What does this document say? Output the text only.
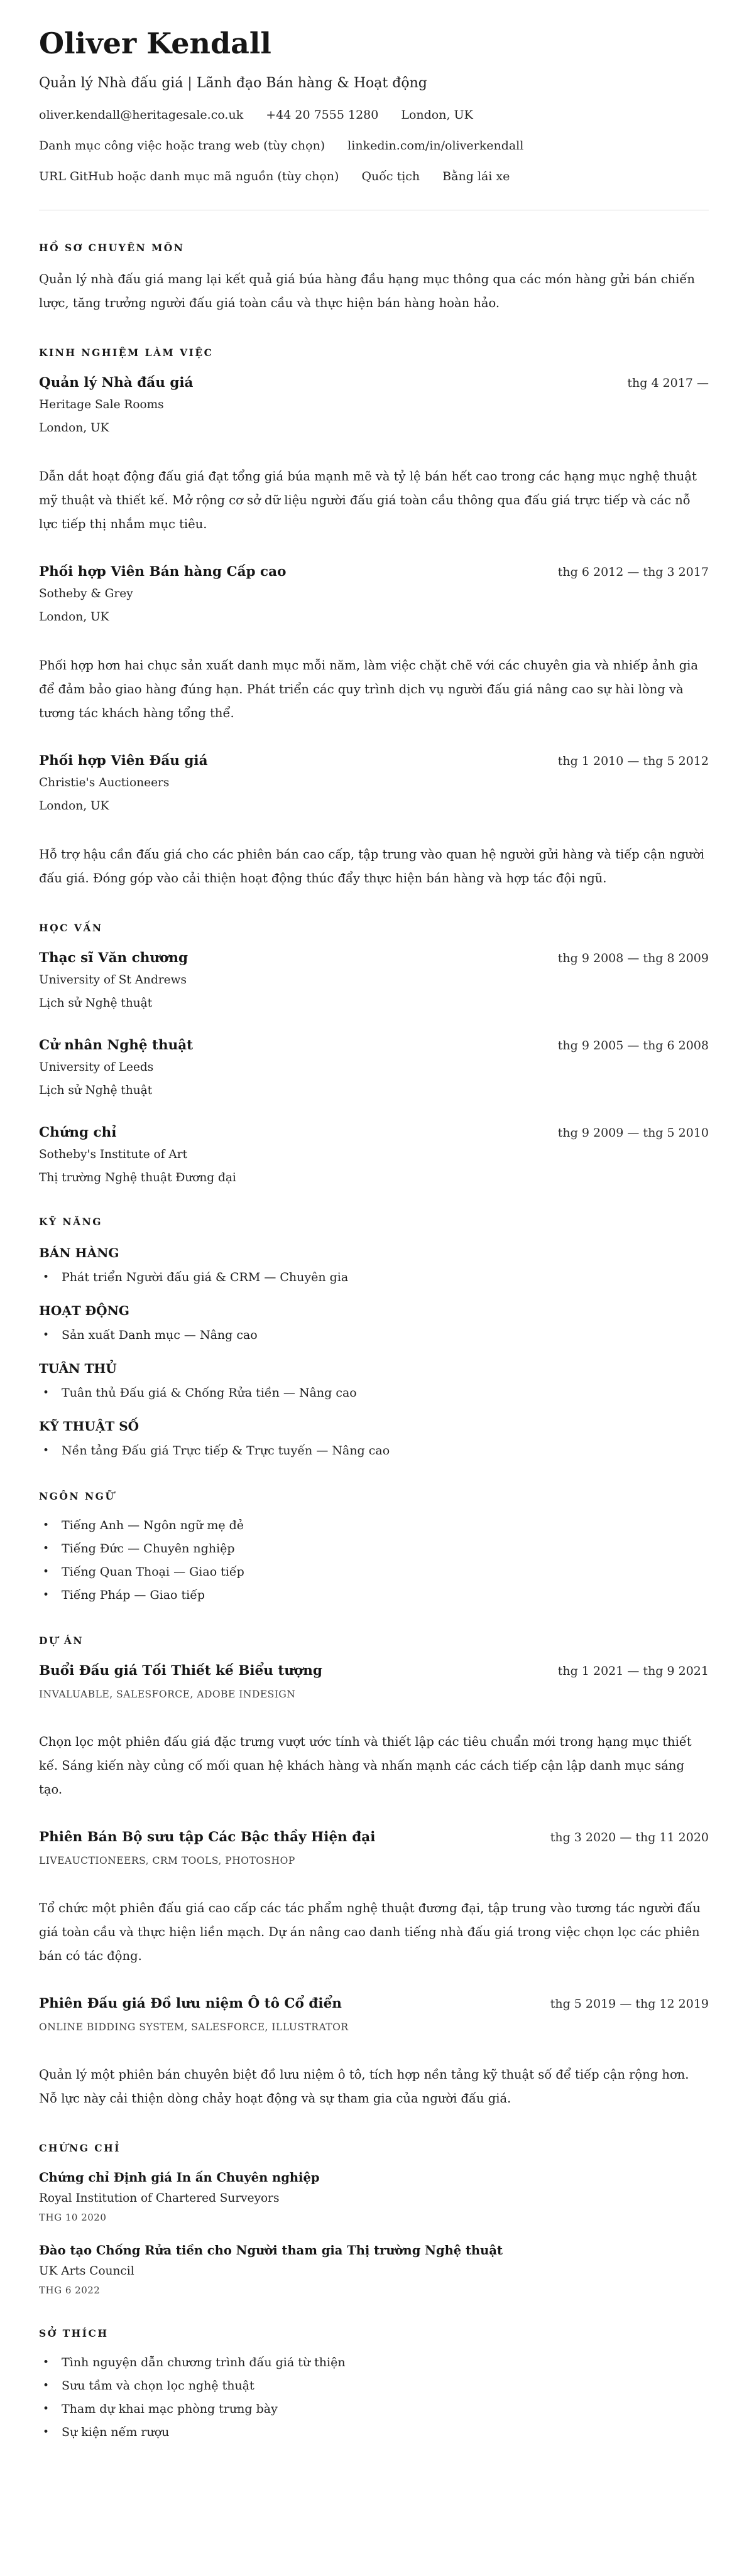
Oliver Kendall
Quản lý Nhà đấu giá | Lãnh đạo Bán hàng & Hoạt động
oliver.kendall@heritagesale.co.uk +44 20 7555 1280 London, UK
Danh mục công việc hoặc trang web (tùy chọn) linkedin.com/in/oliverkendall
URL GitHub hoặc danh mục mã nguồn (tùy chọn) Quốc tịch Bằng lái xe
HỒ SƠ CHUYÊN MÔN

Quản lý nhà đấu giá mang lại kết quả giá búa hàng đầu hạng mục thông qua các món hàng gửi bán chiến lược, tăng trưởng người đấu giá toàn cầu và thực hiện bán hàng hoàn hảo.

KINH NGHIỆM LÀM VIỆC
Quản lý Nhà đấu giá	thg 4 2017 —
Heritage Sale Rooms
London, UK

Dẫn dắt hoạt động đấu giá đạt tổng giá búa mạnh mẽ và tỷ lệ bán hết cao trong các hạng mục nghệ thuật mỹ thuật và thiết kế. Mở rộng cơ sở dữ liệu người đấu giá toàn cầu thông qua đấu giá trực tiếp và các nỗ lực tiếp thị nhắm mục tiêu.

Phối hợp Viên Bán hàng Cấp cao	thg 6 2012 — thg 3 2017
Sotheby & Grey
London, UK

Phối hợp hơn hai chục sản xuất danh mục mỗi năm, làm việc chặt chẽ với các chuyên gia và nhiếp ảnh gia để đảm bảo giao hàng đúng hạn. Phát triển các quy trình dịch vụ người đấu giá nâng cao sự hài lòng và tương tác khách hàng tổng thể.

Phối hợp Viên Đấu giá	thg 1 2010 — thg 5 2012
Christie's Auctioneers
London, UK

Hỗ trợ hậu cần đấu giá cho các phiên bán cao cấp, tập trung vào quan hệ người gửi hàng và tiếp cận người đấu giá. Đóng góp vào cải thiện hoạt động thúc đẩy thực hiện bán hàng và hợp tác đội ngũ.

HỌC VẤN
Thạc sĩ Văn chương	thg 9 2008 — thg 8 2009
University of St Andrews
Lịch sử Nghệ thuật
Cử nhân Nghệ thuật	thg 9 2005 — thg 6 2008
University of Leeds
Lịch sử Nghệ thuật
Chứng chỉ	thg 9 2009 — thg 5 2010
Sotheby's Institute of Art
Thị trường Nghệ thuật Đương đại
KỸ NĂNG
BÁN HÀNG
• Phát triển Người đấu giá & CRM — Chuyên gia
HOẠT ĐỘNG
• Sản xuất Danh mục — Nâng cao
TUÂN THỦ
• Tuân thủ Đấu giá & Chống Rửa tiền — Nâng cao
KỸ THUẬT SỐ
• Nền tảng Đấu giá Trực tiếp & Trực tuyến — Nâng cao
NGÔN NGỮ
• Tiếng Anh — Ngôn ngữ mẹ đẻ
• Tiếng Đức — Chuyên nghiệp
• Tiếng Quan Thoại — Giao tiếp
• Tiếng Pháp — Giao tiếp
DỰ ÁN
Buổi Đấu giá Tối Thiết kế Biểu tượng	thg 1 2021 — thg 9 2021
INVALUABLE, SALESFORCE, ADOBE INDESIGN

Chọn lọc một phiên đấu giá đặc trưng vượt ước tính và thiết lập các tiêu chuẩn mới trong hạng mục thiết kế. Sáng kiến này củng cố mối quan hệ khách hàng và nhấn mạnh các cách tiếp cận lập danh mục sáng tạo.

Phiên Bán Bộ sưu tập Các Bậc thầy Hiện đại	thg 3 2020 — thg 11 2020
LIVEAUCTIONEERS, CRM TOOLS, PHOTOSHOP

Tổ chức một phiên đấu giá cao cấp các tác phẩm nghệ thuật đương đại, tập trung vào tương tác người đấu giá toàn cầu và thực hiện liền mạch. Dự án nâng cao danh tiếng nhà đấu giá trong việc chọn lọc các phiên bán có tác động.

Phiên Đấu giá Đồ lưu niệm Ô tô Cổ điển	thg 5 2019 — thg 12 2019
ONLINE BIDDING SYSTEM, SALESFORCE, ILLUSTRATOR

Quản lý một phiên bán chuyên biệt đồ lưu niệm ô tô, tích hợp nền tảng kỹ thuật số để tiếp cận rộng hơn. Nỗ lực này cải thiện dòng chảy hoạt động và sự tham gia của người đấu giá.

CHỨNG CHỈ
Chứng chỉ Định giá In ấn Chuyên nghiệp
Royal Institution of Chartered Surveyors
THG 10 2020
Đào tạo Chống Rửa tiền cho Người tham gia Thị trường Nghệ thuật
UK Arts Council
THG 6 2022
SỞ THÍCH
• Tình nguyện dẫn chương trình đấu giá từ thiện
• Sưu tầm và chọn lọc nghệ thuật
• Tham dự khai mạc phòng trưng bày
• Sự kiện nếm rượu
